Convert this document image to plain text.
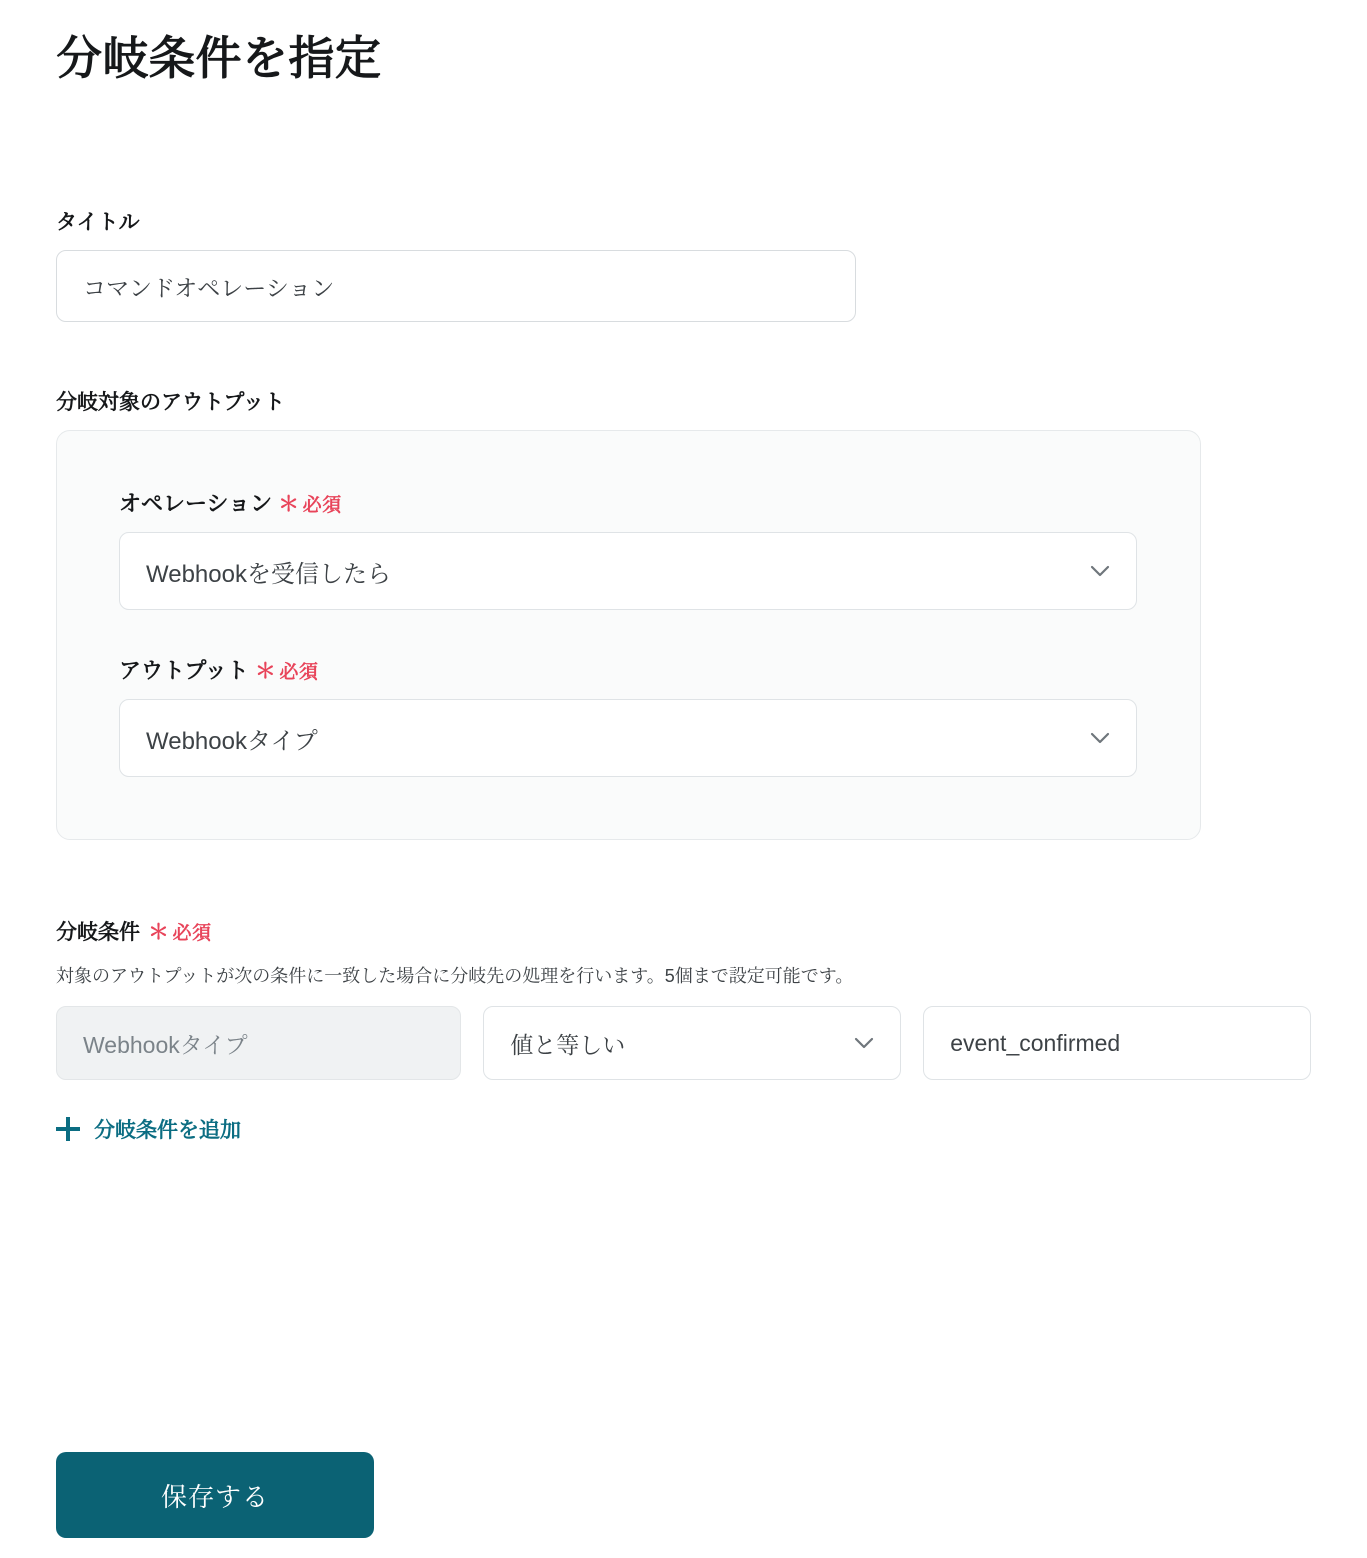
分岐条件を指定
タイトル
コマンドオペレーション
分岐対象のアウトプット
オペレーション ＊ 必須
Webhookを受信したら
アウトプット ＊ 必須
Webhookタイプ
分岐条件 ＊ 必須

対象のアウトプットが次の条件に一致した場合に分岐先の処理を行います。5個まで設定可能です。

Webhookタイプ	値と等しい
event_confirmed
分岐条件を追加
保存する
